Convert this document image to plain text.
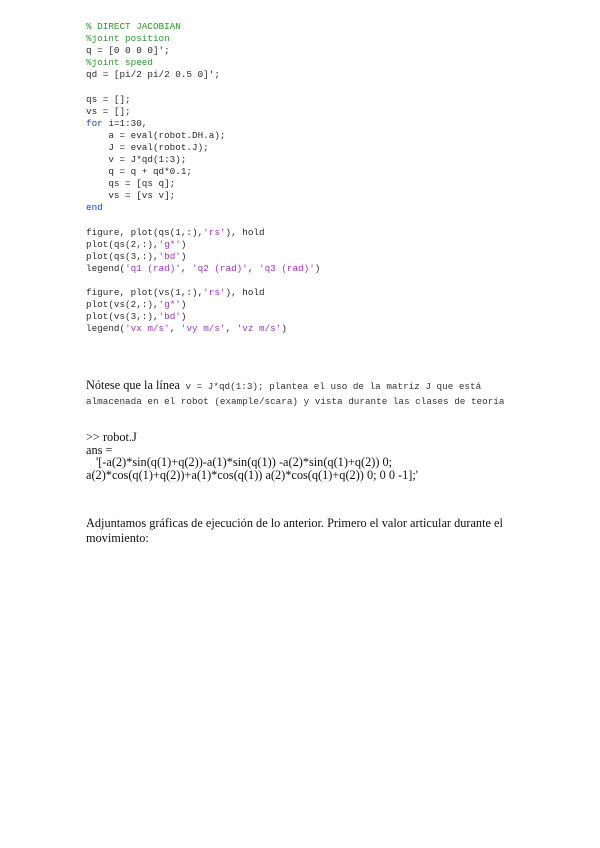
% DIRECT JACOBIAN
%joint position
q = [0 0 0 0]';
%joint speed
qd = [pi/2 pi/2 0.5 0]';

qs = [];
vs = [];
for i=1:30,
a = eval(robot.DH.a);
J = eval(robot.J);
v = J*qd(1:3);
q = q + qd*0.1;
qs = [qs q];
vs = [vs v];
end

figure, plot(qs(1,:),'rs'), hold
plot(qs(2,:),'g*')
plot(qs(3,:),'bd')
legend('q1 (rad)', 'q2 (rad)', 'q3 (rad)')

figure, plot(vs(1,:),'rs'), hold
plot(vs(2,:),'g*')
plot(vs(3,:),'bd')
legend('vx m/s', 'vy m/s', 'vz m/s')
Nótese que la línea v = J*qd(1:3); plantea el uso de la matriz J que está almacenada en el robot (example/scara) y vista durante las clases de teoría
>> robot.J
ans =
'[-a(2)*sin(q(1)+q(2))-a(1)*sin(q(1)) -a(2)*sin(q(1)+q(2)) 0;
a(2)*cos(q(1)+q(2))+a(1)*cos(q(1)) a(2)*cos(q(1)+q(2)) 0; 0 0 -1];'
Adjuntamos gráficas de ejecución de lo anterior. Primero el valor articular durante el movimiento:
